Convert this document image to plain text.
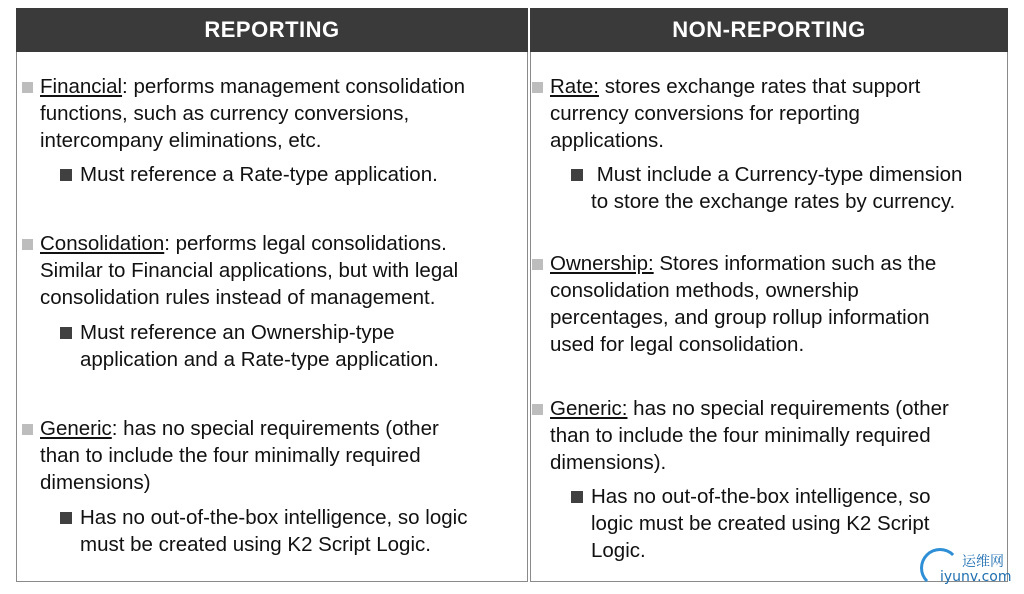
REPORTING	NON-REPORTING
Financial: performs management consolidation
functions, such as currency conversions,
intercompany eliminations, etc.
Must reference a Rate-type application.
Consolidation: performs legal consolidations.
Similar to Financial applications, but with legal
consolidation rules instead of management.
Must reference an Ownership-type
application and a Rate-type application.
Generic: has no special requirements (other
than to include the four minimally required
dimensions)
Has no out-of-the-box intelligence, so logic
must be created using K2 Script Logic.
Rate: stores exchange rates that support
currency conversions for reporting
applications.
Must include a Currency-type dimension
to store the exchange rates by currency.
Ownership: Stores information such as the
consolidation methods, ownership
percentages, and group rollup information
used for legal consolidation.
Generic: has no special requirements (other
than to include the four minimally required
dimensions).
Has no out-of-the-box intelligence, so
logic must be created using K2 Script
Logic.	运维网
iyunv.com
